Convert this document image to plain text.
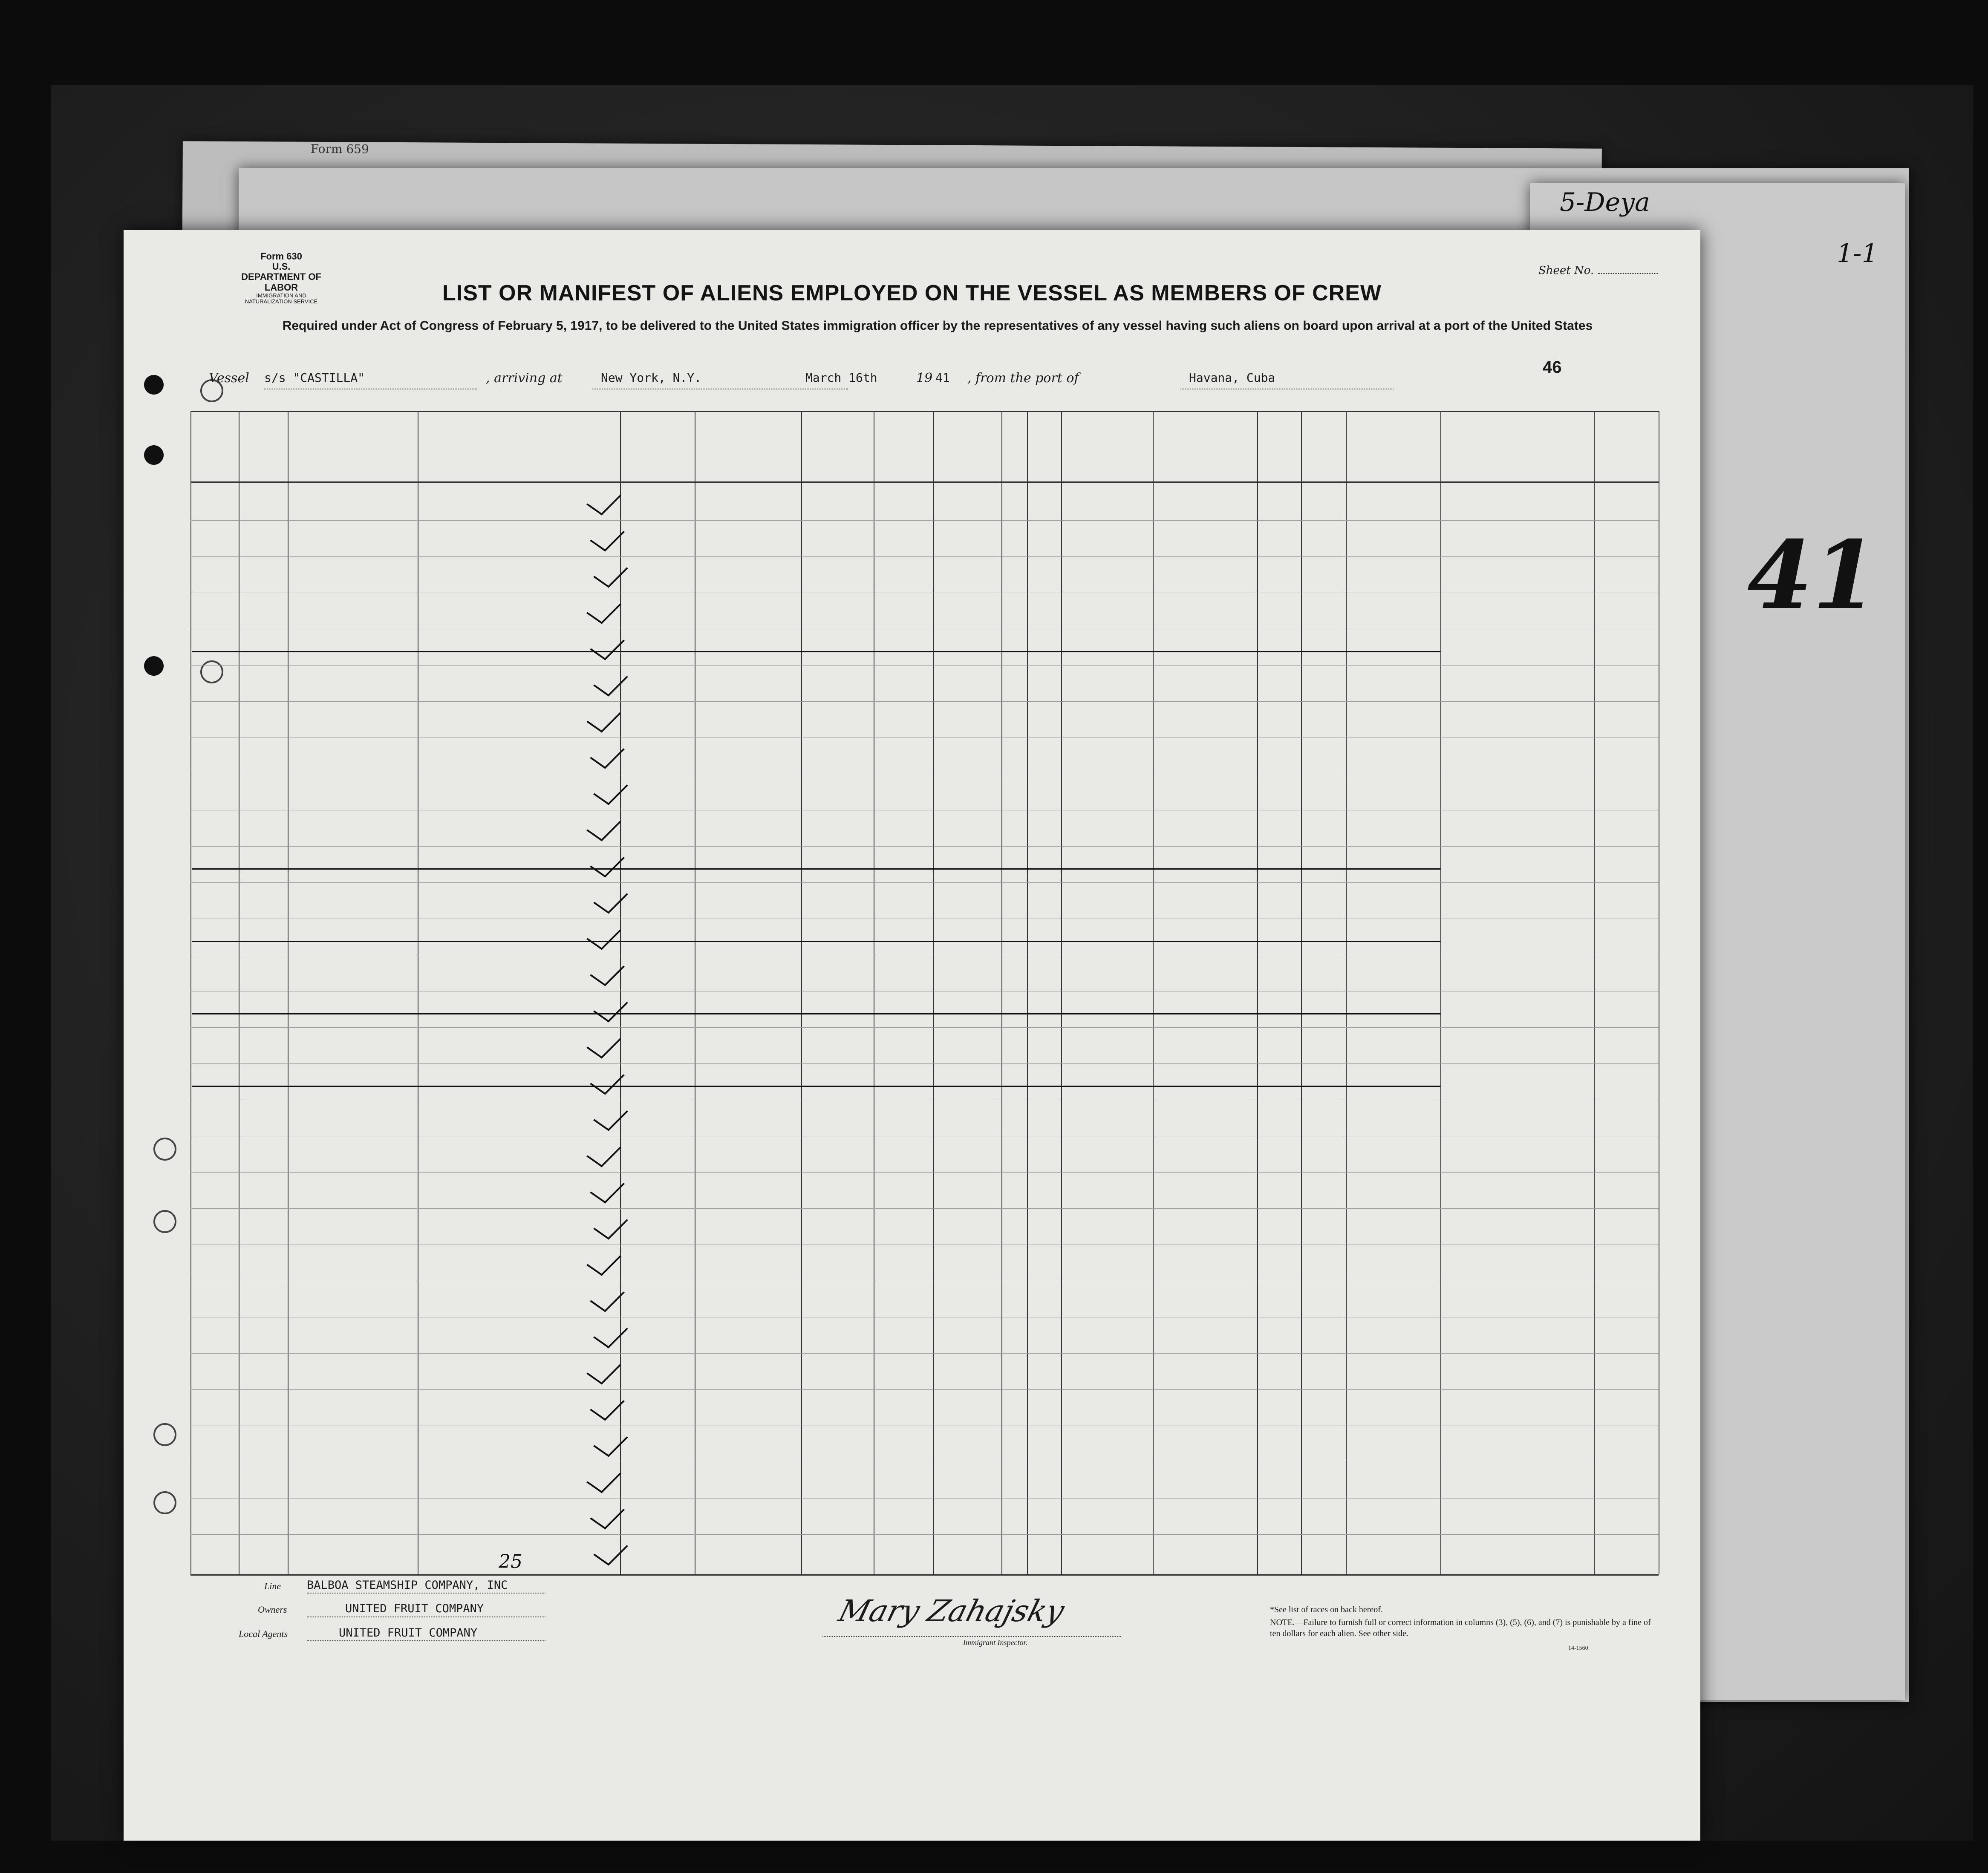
Form 659
1-1
41
5-Deya
Form 630
U.S. DEPARTMENT OF LABOR
IMMIGRATION AND NATURALIZATION SERVICE
Sheet No.
LIST OR MANIFEST OF ALIENS EMPLOYED ON THE VESSEL AS MEMBERS OF CREW
Required under Act of Congress of February 5, 1917, to be delivered to the United States immigration officer by the representatives of any vessel having such aliens on board upon arrival at a port of the United States
46
Vessel s/s "CASTILLA"	, arriving at	New York, N.Y.	March 16th	19 41 , from the port of	Havana, Cuba
Line BALBOA STEAMSHIP COMPANY, INC
Owners	UNITED FRUIT COMPANY
Local Agents	UNITED FRUIT COMPANY
Mary Zahajsky
Immigrant Inspector.
*See list of races on back hereof.
NOTE.—Failure to furnish full or correct information in columns (3), (5), (6), and (7) is punishable by a fine of ten dollars for each alien. See other side.
14-1560
25
